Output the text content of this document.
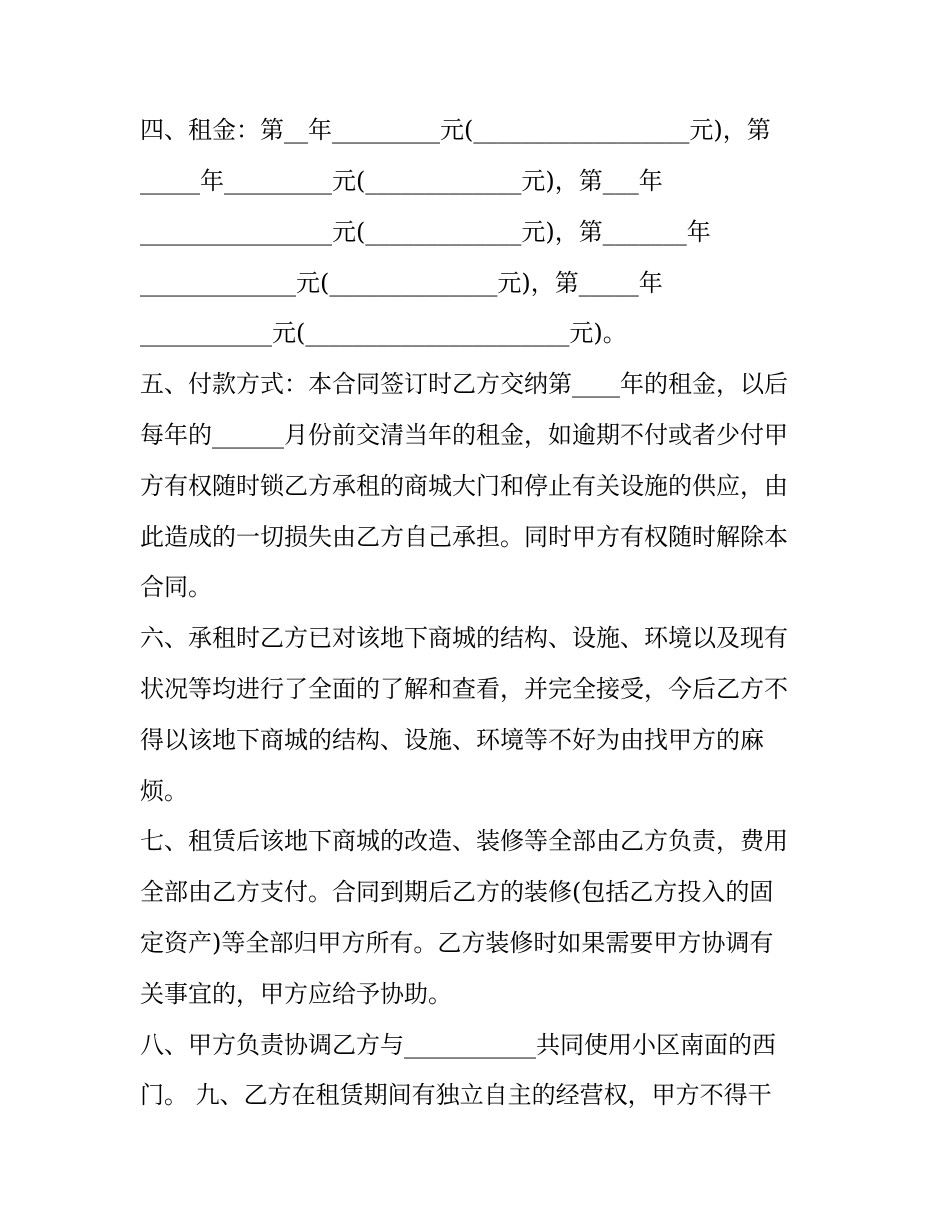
四、租金：第__年_________元(__________________元)，第
_____年_________元(_____________元)，第___年
________________元(_____________元)，第_______年
_____________元(______________元)，第_____年
___________元(______________________元)。
五、付款方式：本合同签订时乙方交纳第____年的租金，以后
每年的______月份前交清当年的租金，如逾期不付或者少付甲
方有权随时锁乙方承租的商城大门和停止有关设施的供应，由
此造成的一切损失由乙方自己承担。同时甲方有权随时解除本
合同。
六、承租时乙方已对该地下商城的结构、设施、环境以及现有
状况等均进行了全面的了解和查看，并完全接受，今后乙方不
得以该地下商城的结构、设施、环境等不好为由找甲方的麻
烦。
七、租赁后该地下商城的改造、装修等全部由乙方负责，费用
全部由乙方支付。合同到期后乙方的装修(包括乙方投入的固
定资产)等全部归甲方所有。乙方装修时如果需要甲方协调有
关事宜的，甲方应给予协助。
八、甲方负责协调乙方与___________共同使用小区南面的西
门。 九、乙方在租赁期间有独立自主的经营权，甲方不得干
